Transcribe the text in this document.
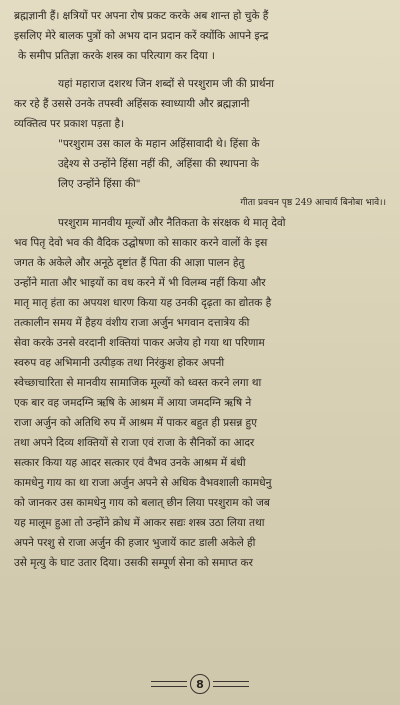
ब्रह्मज्ञानी हैं। क्षत्रियों पर अपना रोष प्रकट करके अब शान्त हो चुके हैं
इसलिए मेरे बालक पुत्रों को अभय दान प्रदान करें क्योंकि आपने इन्द्र
के समीप प्रतिज्ञा करके शस्त्र का परित्याग कर दिया ।
यहां महाराज दशरथ जिन शब्दों से परशुराम जी की प्रार्थना
कर रहे हैं उससे उनके तपस्वी अहिंसक स्वाध्यायी और ब्रह्मज्ञानी
व्यक्तित्व पर प्रकाश पड़ता है।
"परशुराम उस काल के महान अहिंसावादी थे। हिंसा के
उद्देश्य से उन्होंने हिंसा नहीं की, अहिंसा की स्थापना के
लिए उन्होंने हिंसा की"
गीता प्रवचन पृष्ठ 249 आचार्य बिनोबा भावे।।
परशुराम मानवीय मूल्यों और नैतिकता के संरक्षक थे मातृ देवो
भव पितृ देवो भव की वैदिक उद्घोषणा को साकार करने वालों के इस
जगत के अकेले और अनूठे दृष्टांत हैं पिता की आज्ञा पालन हेतु
उन्होंने माता और भाइयों का वध करने में भी विलम्ब नहीं किया और
मातृ मातृ हंता का अपयश धारण किया यह उनकी दृढ़ता का द्योतक है
तत्कालीन समय में हैहय वंशीय राजा अर्जुन भगवान दत्तात्रेय की
सेवा करके उनसे वरदानी शक्तियां पाकर अजेय हो गया था परिणाम
स्वरुप वह अभिमानी उत्पीड़क तथा निरंकुश होकर अपनी
स्वेच्छाचारिता से मानवीय सामाजिक मूल्यों को ध्वस्त करने लगा था
एक बार वह जमदग्नि ऋषि के आश्रम में आया जमदग्नि ऋषि ने
राजा अर्जुन को अतिथि रुप में आश्रम में पाकर बहुत ही प्रसन्न हुए
तथा अपने दिव्य शक्तियों से राजा एवं राजा के सैनिकों का आदर
सत्कार किया यह आदर सत्कार एवं वैभव उनके आश्रम में बंधी
कामधेनु गाय का था राजा अर्जुन अपने से अधिक वैभवशाली कामधेनु
को जानकर उस कामधेनु गाय को बलात् छीन लिया परशुराम को जब
यह मालूम हुआ तो उन्होंने क्रोध में आकर सद्यः शस्त्र उठा लिया तथा
अपने परशु से राजा अर्जुन की हजार भुजायें काट डाली अकेले ही
उसे मृत्यु के घाट उतार दिया। उसकी सम्पूर्ण सेना को समाप्त कर
8
